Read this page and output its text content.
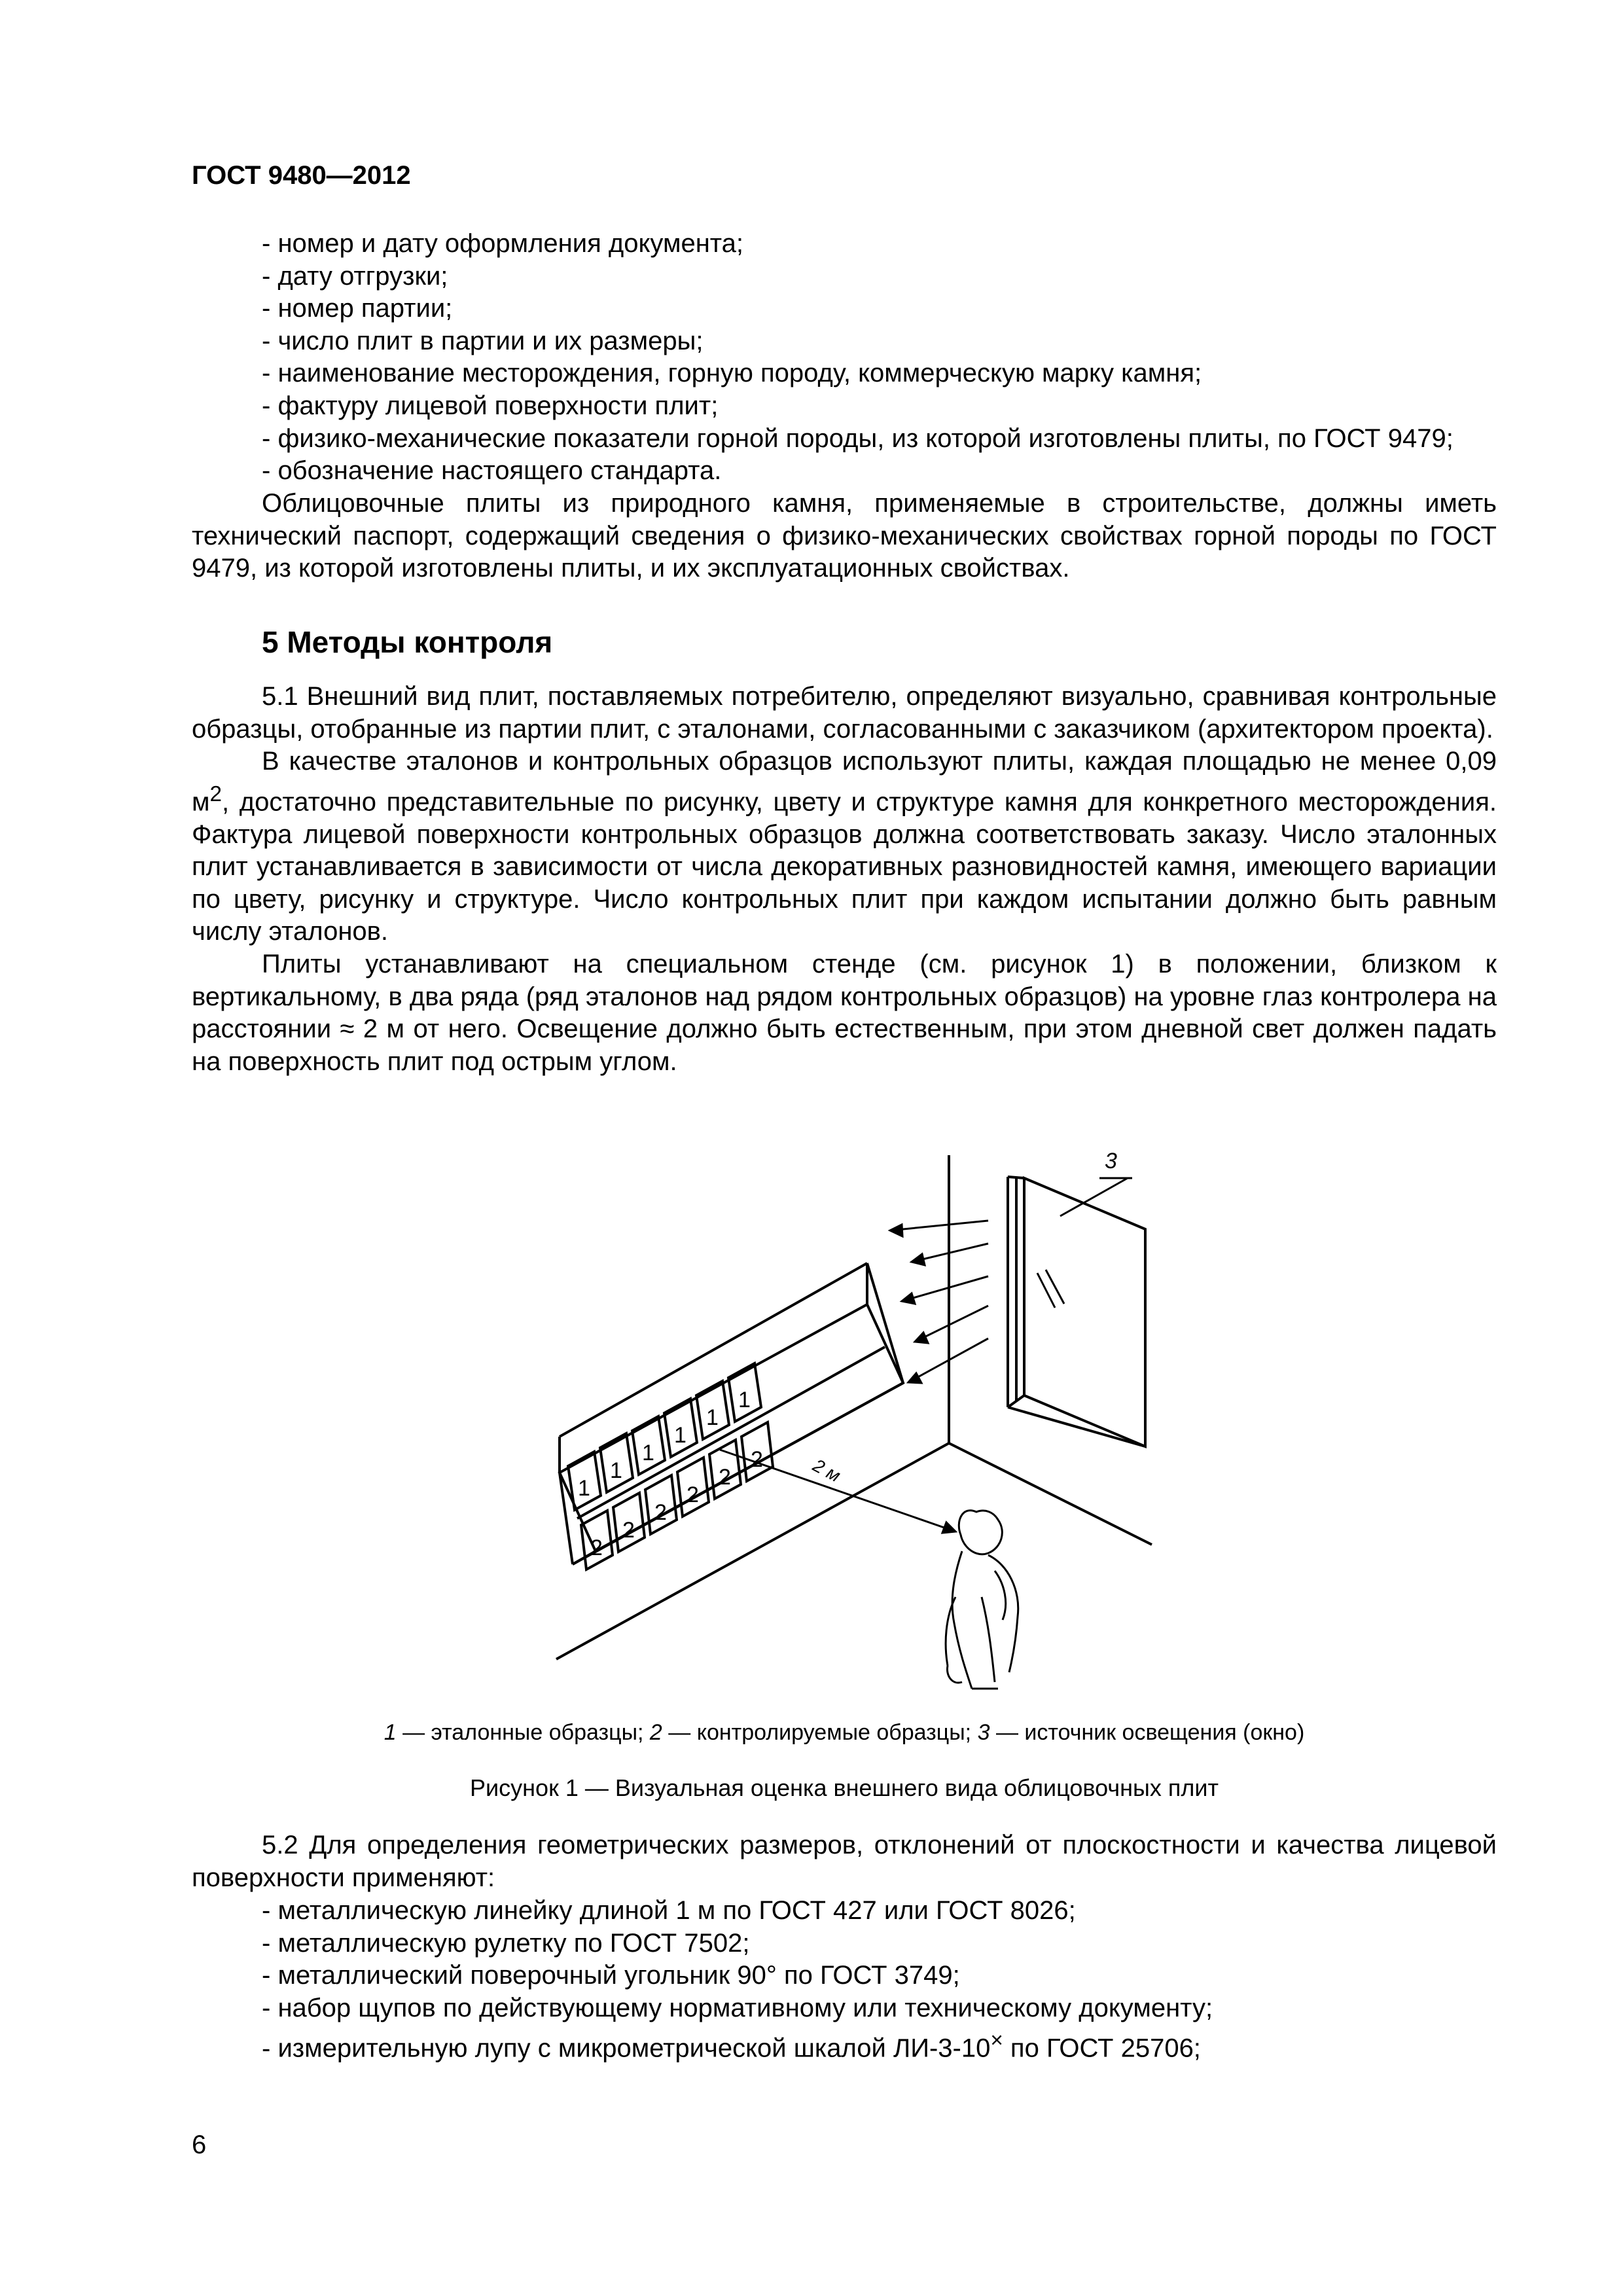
ГОСТ 9480—2012
- номер и дату оформления документа;
- дату отгрузки;
- номер партии;
- число плит в партии и их размеры;
- наименование месторождения, горную породу, коммерческую марку камня;
- фактуру лицевой поверхности плит;
- физико-механические показатели горной породы, из которой изготовлены плиты, по ГОСТ 9479;
- обозначение настоящего стандарта.

Облицовочные плиты из природного камня, применяемые в строительстве, должны иметь технический паспорт, содержащий сведения о физико-механических свойствах горной породы по ГОСТ 9479, из которой изготовлены плиты, и их эксплуатационных свойствах.

5 Методы контроля

5.1 Внешний вид плит, поставляемых потребителю, определяют визуально, сравнивая контрольные образцы, отобранные из партии плит, с эталонами, согласованными с заказчиком (архитектором проекта).

В качестве эталонов и контрольных образцов используют плиты, каждая площадью не менее 0,09 $м^2$, достаточно представительные по рисунку, цвету и структуре камня для конкретного месторождения. Фактура лицевой поверхности контрольных образцов должна соответствовать заказу. Число эталонных плит устанавливается в зависимости от числа декоративных разновидностей камня, имеющего вариации по цвету, рисунку и структуре. Число контрольных плит при каждом испытании должно быть равным числу эталонов.

Плиты устанавливают на специальном стенде (см. рисунок 1) в положении, близком к вертикальному, в два ряда (ряд эталонов над рядом контрольных образцов) на уровне глаз контролера на расстоянии ≈ 2 м от него. Освещение должно быть естественным, при этом дневной свет должен падать на поверхность плит под острым углом.

1
1
1
1
1
1
2
2
2
2
2
2
3
2 м
1 — эталонные образцы; 2 — контролируемые образцы; 3 — источник освещения (окно)
Рисунок 1 — Визуальная оценка внешнего вида облицовочных плит

5.2 Для определения геометрических размеров, отклонений от плоскостности и качества лицевой поверхности применяют:

- металлическую линейку длиной 1 м по ГОСТ 427 или ГОСТ 8026;
- металлическую рулетку по ГОСТ 7502;
- металлический поверочный угольник 90° по ГОСТ 3749;
- набор щупов по действующему нормативному или техническому документу;
- измерительную лупу с микрометрической шкалой ЛИ-3-10× по ГОСТ 25706;
6
